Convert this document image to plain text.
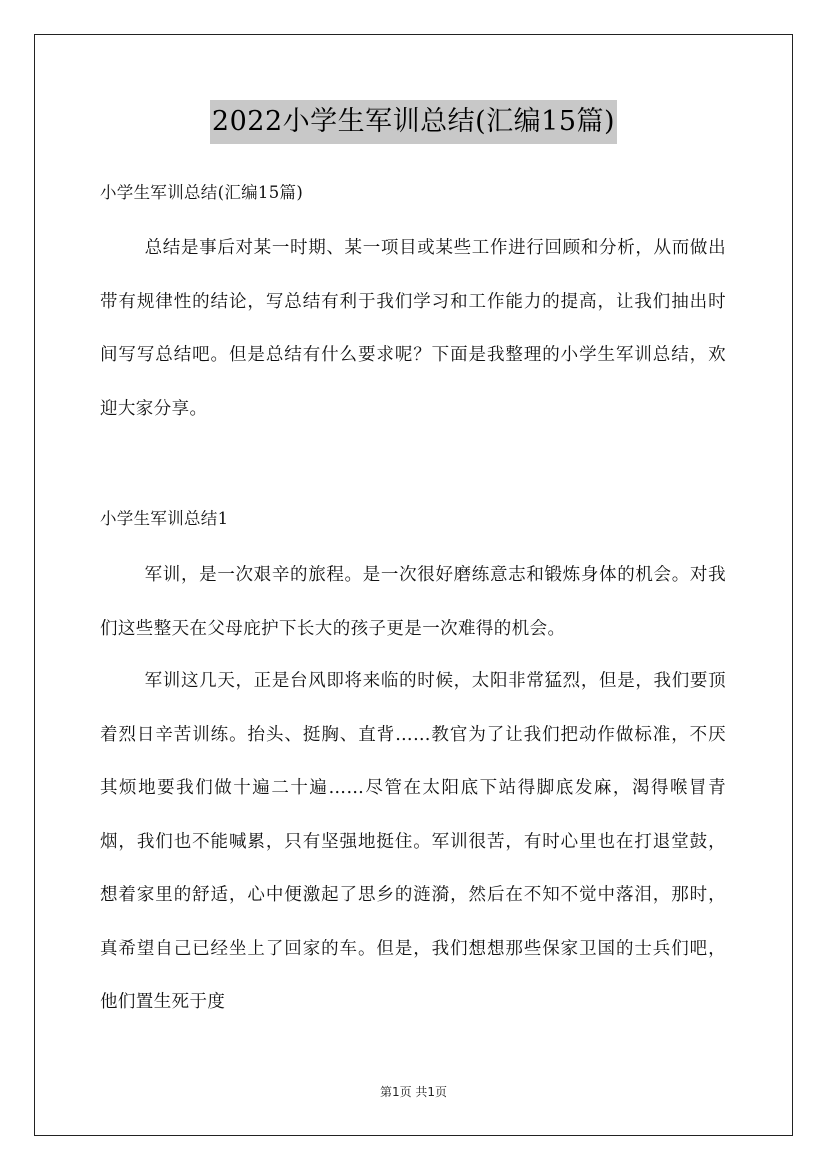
2022小学生军训总结(汇编15篇)
小学生军训总结(汇编15篇)

总结是事后对某一时期、某一项目或某些工作进行回顾和分析，从而做出带有规律性的结论，写总结有利于我们学习和工作能力的提高，让我们抽出时间写写总结吧。但是总结有什么要求呢？下面是我整理的小学生军训总结，欢迎大家分享。

小学生军训总结1

军训，是一次艰辛的旅程。是一次很好磨练意志和锻炼身体的机会。对我们这些整天在父母庇护下长大的孩子更是一次难得的机会。

军训这几天，正是台风即将来临的时候，太阳非常猛烈，但是，我们要顶着烈日辛苦训练。抬头、挺胸、直背……教官为了让我们把动作做标准，不厌其烦地要我们做十遍二十遍……尽管在太阳底下站得脚底发麻，渴得喉冒青烟，我们也不能喊累，只有坚强地挺住。军训很苦，有时心里也在打退堂鼓，想着家里的舒适，心中便激起了思乡的涟漪，然后在不知不觉中落泪，那时，真希望自己已经坐上了回家的车。但是，我们想想那些保家卫国的士兵们吧，他们置生死于度

第1页 共1页
